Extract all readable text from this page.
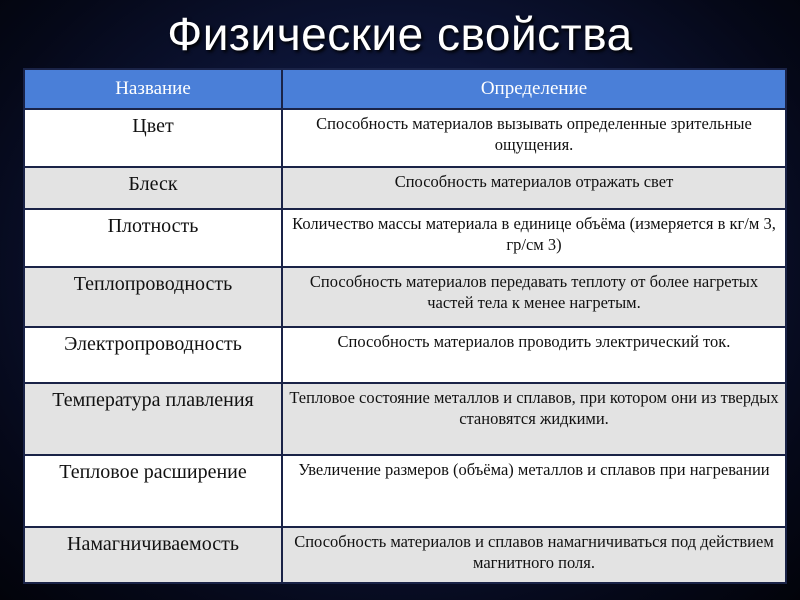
Физические свойства
Название	Определение
Цвет	Способность материалов вызывать определенные зрительные ощущения.
Блеск	Способность материалов отражать свет
Плотность	Количество массы материала в единице объёма (измеряется в кг/м 3, гр/см 3)
Теплопроводность	Способность материалов передавать теплоту от более нагретых частей тела к менее нагретым.
Электропроводность	Способность материалов проводить электрический ток.
Температура плавления	Тепловое состояние металлов и сплавов, при котором они из твердых становятся жидкими.
Тепловое расширение	Увеличение размеров (объёма) металлов и сплавов при нагревании
Намагничиваемость	Способность материалов и сплавов намагничиваться под действием магнитного поля.
